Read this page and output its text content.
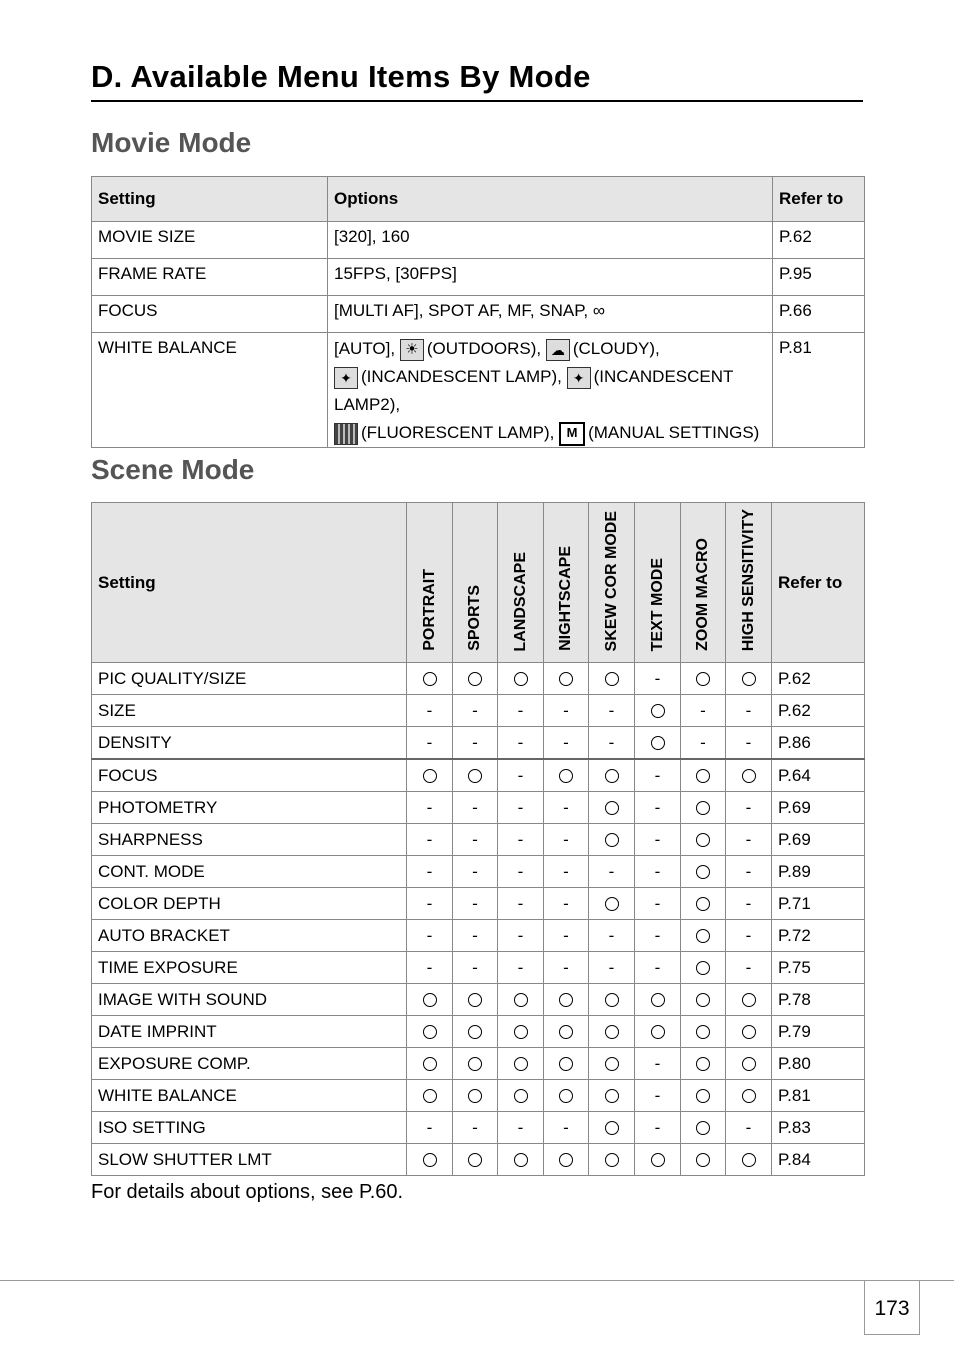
D. Available Menu Items By Mode
Movie Mode
Setting	Options	Refer to
MOVIE SIZE	[320], 160	P.62
FRAME RATE	15FPS, [30FPS]	P.95
FOCUS	[MULTI AF], SPOT AF, MF, SNAP, ∞	P.66
WHITE BALANCE	[AUTO], ☀ (OUTDOORS), ☁ (CLOUDY),
✦ (INCANDESCENT LAMP), ✦ (INCANDESCENT LAMP2),
(FLUORESCENT LAMP), M (MANUAL SETTINGS)	P.81
Scene Mode
Setting	PORTRAIT	SPORTS	LANDSCAPE	NIGHTSCAPE	SKEW COR MODE	TEXT MODE	ZOOM MACRO	HIGH SENSITIVITY	Refer to
PIC QUALITY/SIZE						-			P.62
SIZE	-	-	-	-	-		-	-	P.62
DENSITY	-	-	-	-	-		-	-	P.86
FOCUS			-			-			P.64
PHOTOMETRY	-	-	-	-		-		-	P.69
SHARPNESS	-	-	-	-		-		-	P.69
CONT. MODE	-	-	-	-	-	-		-	P.89
COLOR DEPTH	-	-	-	-		-		-	P.71
AUTO BRACKET	-	-	-	-	-	-		-	P.72
TIME EXPOSURE	-	-	-	-	-	-		-	P.75
IMAGE WITH SOUND									P.78
DATE IMPRINT									P.79
EXPOSURE COMP.						-			P.80
WHITE BALANCE						-			P.81
ISO SETTING	-	-	-	-		-		-	P.83
SLOW SHUTTER LMT									P.84
For details about options, see P.60.
173
